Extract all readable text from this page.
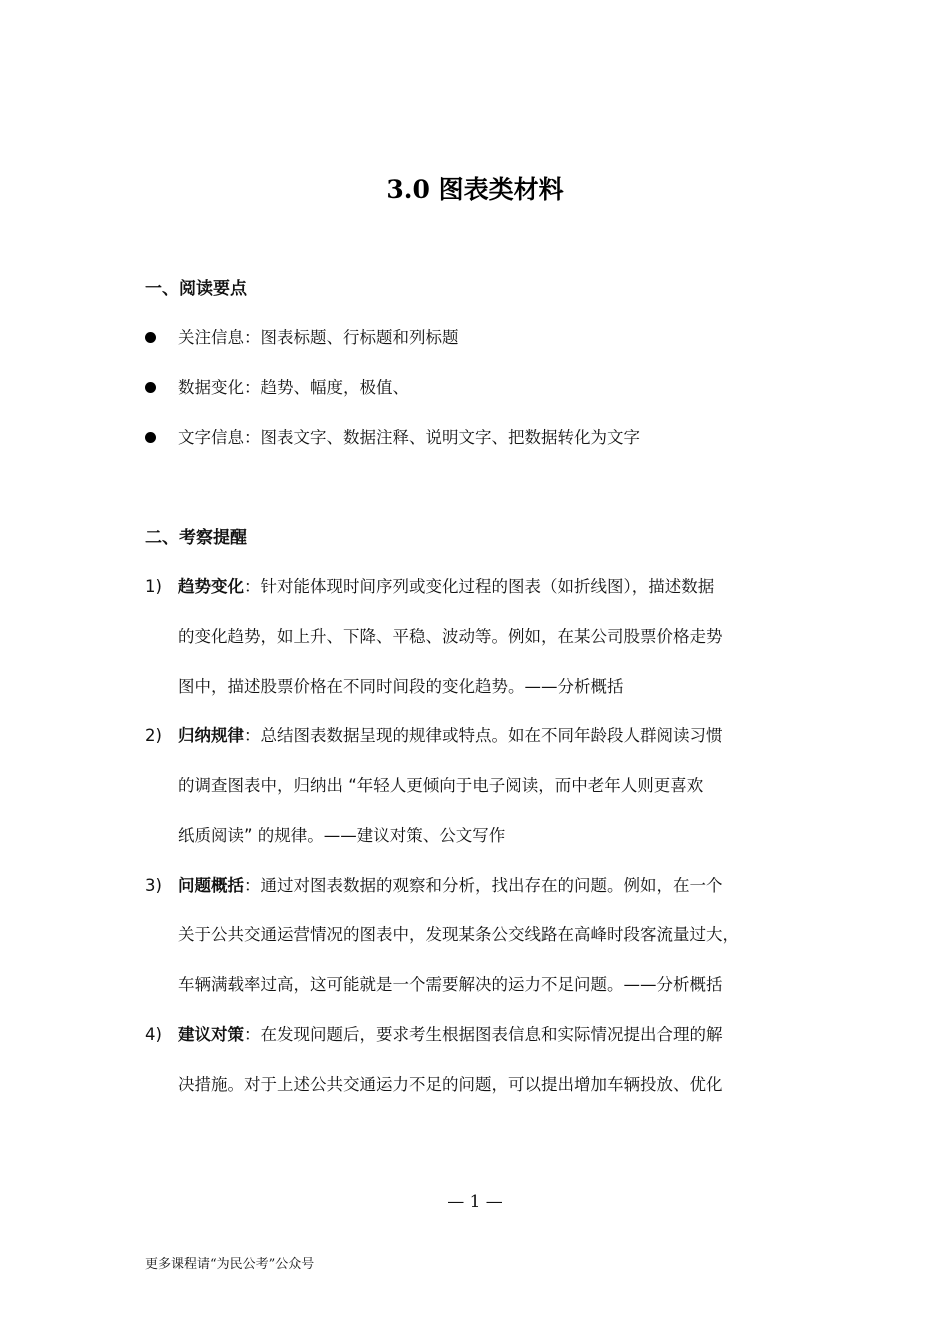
3.0 图表类材料
一、阅读要点
关注信息：图表标题、行标题和列标题
数据变化：趋势、幅度，极值、
文字信息：图表文字、数据注释、说明文字、把数据转化为文字
二、考察提醒
1) 趋势变化：针对能体现时间序列或变化过程的图表（如折线图），描述数据
的变化趋势，如上升、下降、平稳、波动等。例如，在某公司股票价格走势
图中，描述股票价格在不同时间段的变化趋势。——分析概括
2) 归纳规律：总结图表数据呈现的规律或特点。如在不同年龄段人群阅读习惯
的调查图表中，归纳出 “年轻人更倾向于电子阅读，而中老年人则更喜欢
纸质阅读” 的规律。——建议对策、公文写作
3) 问题概括：通过对图表数据的观察和分析，找出存在的问题。例如，在一个
关于公共交通运营情况的图表中，发现某条公交线路在高峰时段客流量过大，
车辆满载率过高，这可能就是一个需要解决的运力不足问题。——分析概括
4) 建议对策：在发现问题后，要求考生根据图表信息和实际情况提出合理的解
决措施。对于上述公共交通运力不足的问题，可以提出增加车辆投放、优化
— 1 —
更多课程请“为民公考”公众号
